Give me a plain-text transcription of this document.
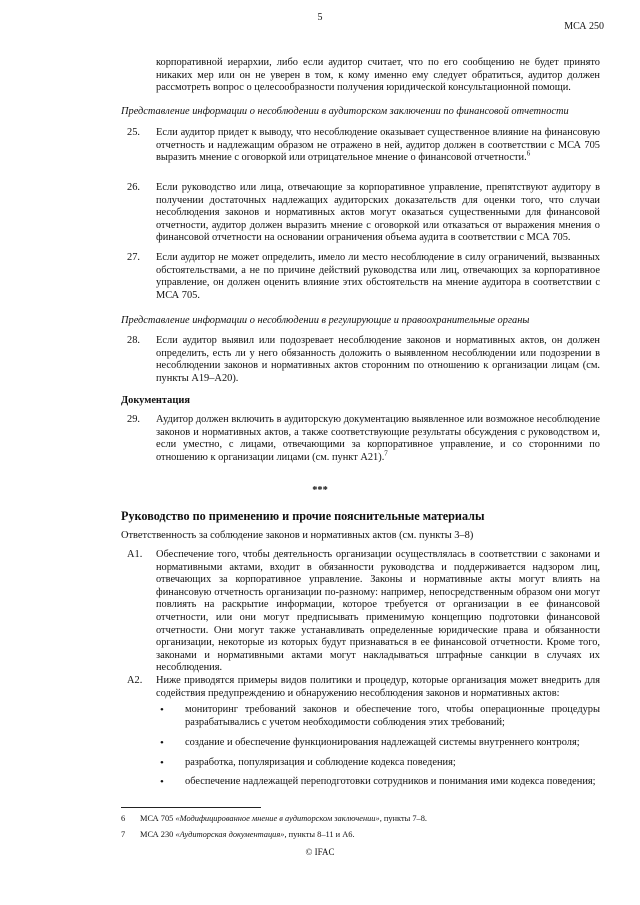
5
МСА 250
корпоративной иерархии, либо если аудитор считает, что по его сообщению не будет принято никаких мер или он не уверен в том, к кому именно ему следует обратиться, аудитор должен рассмотреть вопрос о целесообразности получения юридической консультационной помощи.
Представление информации о несоблюдении в аудиторском заключении по финансовой отчетности
25. Если аудитор придет к выводу, что несоблюдение оказывает существенное влияние на финансовую отчетность и надлежащим образом не отражено в ней, аудитор должен в соответствии с МСА 705 выразить мнение с оговоркой или отрицательное мнение о финансовой отчетности.$^6$
26. Если руководство или лица, отвечающие за корпоративное управление, препятствуют аудитору в получении достаточных надлежащих аудиторских доказательств для оценки того, что случаи несоблюдения законов и нормативных актов могут оказаться существенными для финансовой отчетности, аудитор должен выразить мнение с оговоркой или отказаться от выражения мнения о финансовой отчетности на основании ограничения объема аудита в соответствии с МСА 705.
27. Если аудитор не может определить, имело ли место несоблюдение в силу ограничений, вызванных обстоятельствами, а не по причине действий руководства или лиц, отвечающих за корпоративное управление, он должен оценить влияние этих обстоятельств на мнение аудитора в соответствии с МСА 705.
Представление информации о несоблюдении в регулирующие и правоохранительные органы
28. Если аудитор выявил или подозревает несоблюдение законов и нормативных актов, он должен определить, есть ли у него обязанность доложить о выявленном несоблюдении или подозрении в несоблюдении законов и нормативных актов сторонним по отношению к организации лицам (см. пункты A19–A20).
Документация
29. Аудитор должен включить в аудиторскую документацию выявленное или возможное несоблюдение законов и нормативных актов, а также соответствующие результаты обсуждения с руководством и, если уместно, с лицами, отвечающими за корпоративное управление, и со сторонними по отношению к организации лицами (см. пункт A21).$^7$
***
Руководство по применению и прочие пояснительные материалы
Ответственность за соблюдение законов и нормативных актов (см. пункты 3–8)
A1. Обеспечение того, чтобы деятельность организации осуществлялась в соответствии с законами и нормативными актами, входит в обязанности руководства и поддерживается надзором лиц, отвечающих за корпоративное управление. Законы и нормативные акты могут влиять на финансовую отчетность организации по-разному: например, непосредственным образом они могут повлиять на раскрытие информации, которое требуется от организации в ее финансовой отчетности, или они могут предписывать применимую концепцию подготовки финансовой отчетности. Они могут также устанавливать определенные юридические права и обязанности организации, некоторые из которых будут признаваться в ее финансовой отчетности. Кроме того, законами и нормативными актами могут накладываться штрафные санкции в случаях их несоблюдения.
A2. Ниже приводятся примеры видов политики и процедур, которые организация может внедрить для содействия предупреждению и обнаружению несоблюдения законов и нормативных актов:
• мониторинг требований законов и обеспечение того, чтобы операционные процедуры разрабатывались с учетом необходимости соблюдения этих требований;
• создание и обеспечение функционирования надлежащей системы внутреннего контроля;
• разработка, популяризация и соблюдение кодекса поведения;
• обеспечение надлежащей переподготовки сотрудников и понимания ими кодекса поведения;
6 МСА 705 «Модифицированное мнение в аудиторском заключении», пункты 7–8.
7 МСА 230 «Аудиторская документация», пункты 8–11 и A6.
© IFAC
